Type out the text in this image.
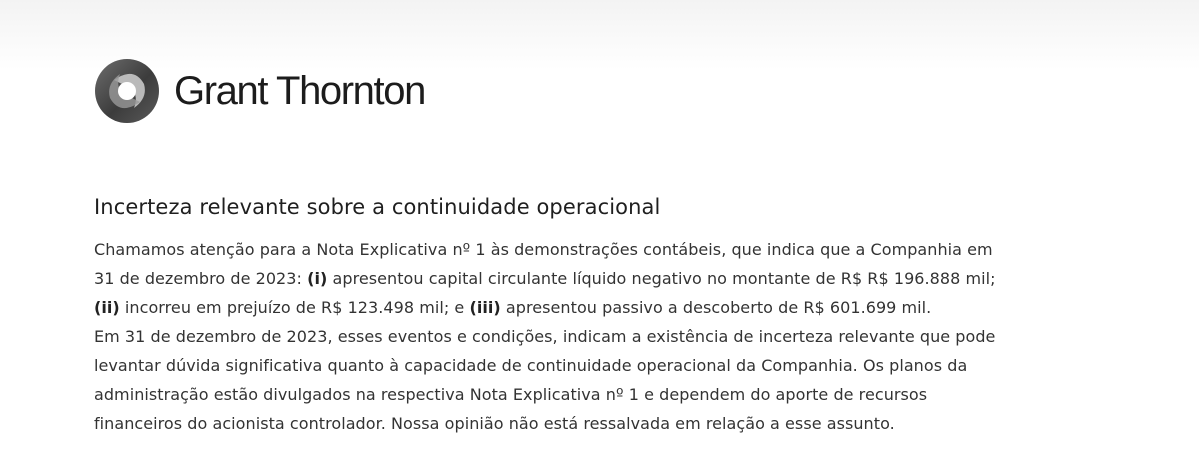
Grant Thornton
Incerteza relevante sobre a continuidade operacional
Chamamos atenção para a Nota Explicativa nº 1 às demonstrações contábeis, que indica que a Companhia em
31 de dezembro de 2023: (i) apresentou capital circulante líquido negativo no montante de R$ R$ 196.888 mil;
(ii) incorreu em prejuízo de R$ 123.498 mil; e (iii) apresentou passivo a descoberto de R$ 601.699 mil.
Em 31 de dezembro de 2023, esses eventos e condições, indicam a existência de incerteza relevante que pode
levantar dúvida significativa quanto à capacidade de continuidade operacional da Companhia. Os planos da
administração estão divulgados na respectiva Nota Explicativa nº 1 e dependem do aporte de recursos
financeiros do acionista controlador. Nossa opinião não está ressalvada em relação a esse assunto.
